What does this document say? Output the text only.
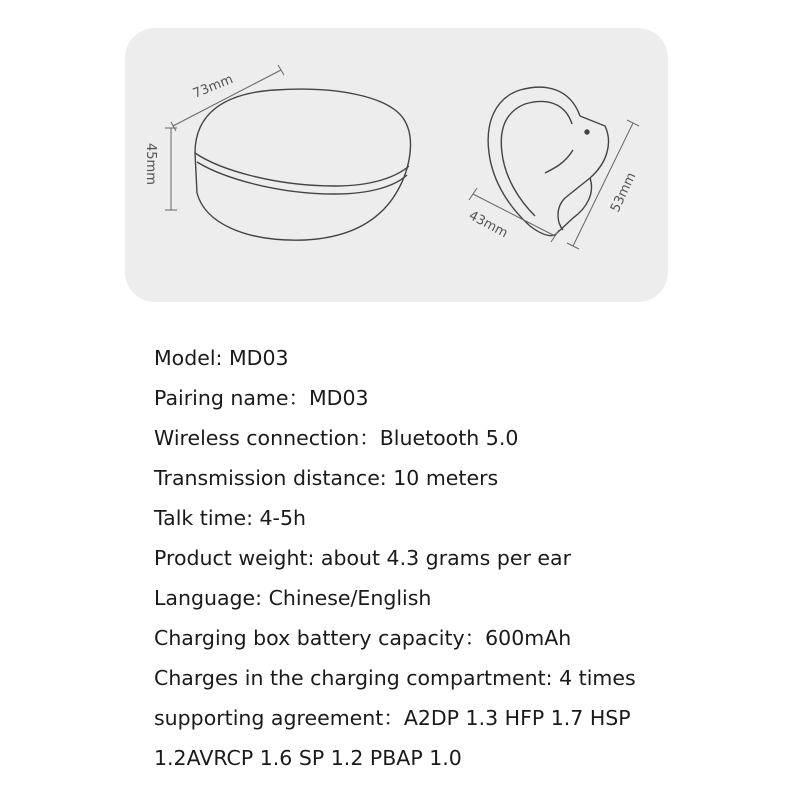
73mm
45mm
43mm
53mm
Model: MD03
Pairing name：MD03
Wireless connection：Bluetooth 5.0
Transmission distance: 10 meters
Talk time: 4-5h
Product weight: about 4.3 grams per ear
Language: Chinese/English
Charging box battery capacity：600mAh
Charges in the charging compartment: 4 times
supporting agreement：A2DP 1.3 HFP 1.7 HSP
1.2AVRCP 1.6 SP 1.2 PBAP 1.0
